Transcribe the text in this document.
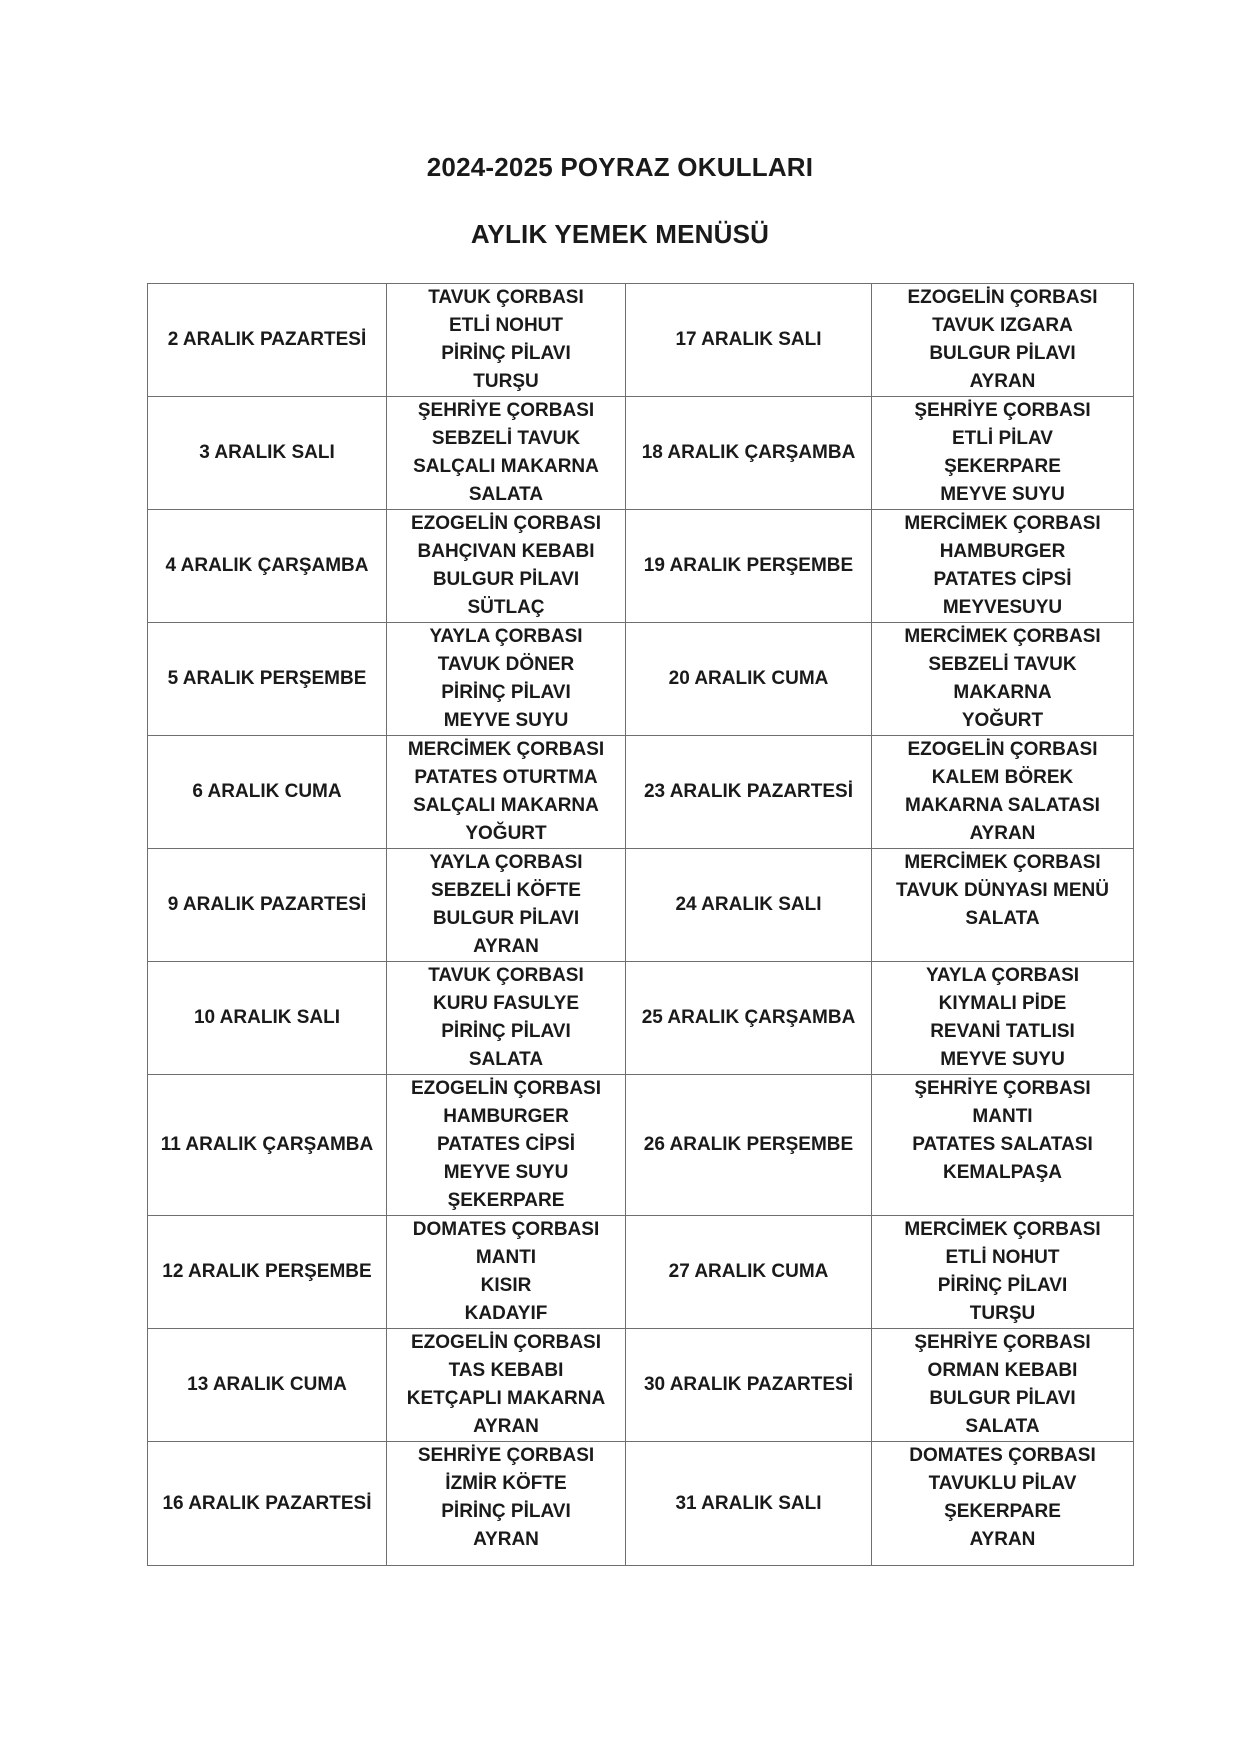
2024-2025 POYRAZ OKULLARI
AYLIK YEMEK MENÜSÜ
2 ARALIK PAZARTESİ	TAVUK ÇORBASI
ETLİ NOHUT
PİRİNÇ PİLAVI
TURŞU	17 ARALIK SALI	EZOGELİN ÇORBASI
TAVUK IZGARA
BULGUR PİLAVI
AYRAN

3 ARALIK SALI	ŞEHRİYE ÇORBASI
SEBZELİ TAVUK
SALÇALI MAKARNA
SALATA	18 ARALIK ÇARŞAMBA	ŞEHRİYE ÇORBASI
ETLİ PİLAV
ŞEKERPARE
MEYVE SUYU

4 ARALIK ÇARŞAMBA	EZOGELİN ÇORBASI
BAHÇIVAN KEBABI
BULGUR PİLAVI
SÜTLAÇ	19 ARALIK PERŞEMBE	MERCİMEK ÇORBASI
HAMBURGER
PATATES CİPSİ
MEYVESUYU

5 ARALIK PERŞEMBE	YAYLA ÇORBASI
TAVUK DÖNER
PİRİNÇ PİLAVI
MEYVE SUYU	20 ARALIK CUMA	MERCİMEK ÇORBASI
SEBZELİ TAVUK
MAKARNA
YOĞURT

6 ARALIK CUMA	MERCİMEK ÇORBASI
PATATES OTURTMA
SALÇALI MAKARNA
YOĞURT	23 ARALIK PAZARTESİ	EZOGELİN ÇORBASI
KALEM BÖREK
MAKARNA SALATASI
AYRAN

9 ARALIK PAZARTESİ	YAYLA ÇORBASI
SEBZELİ KÖFTE
BULGUR PİLAVI
AYRAN	24 ARALIK SALI	MERCİMEK ÇORBASI
TAVUK DÜNYASI MENÜ
SALATA

10 ARALIK SALI	TAVUK ÇORBASI
KURU FASULYE
PİRİNÇ PİLAVI
SALATA	25 ARALIK ÇARŞAMBA	YAYLA ÇORBASI
KIYMALI PİDE
REVANİ TATLISI
MEYVE SUYU

11 ARALIK ÇARŞAMBA	EZOGELİN ÇORBASI
HAMBURGER
PATATES CİPSİ
MEYVE SUYU
ŞEKERPARE	26 ARALIK PERŞEMBE	ŞEHRİYE ÇORBASI
MANTI
PATATES SALATASI
KEMALPAŞA

12 ARALIK PERŞEMBE	DOMATES ÇORBASI
MANTI
KISIR
KADAYIF	27 ARALIK CUMA	MERCİMEK ÇORBASI
ETLİ NOHUT
PİRİNÇ PİLAVI
TURŞU

13 ARALIK CUMA	EZOGELİN ÇORBASI
TAS KEBABI
KETÇAPLI MAKARNA
AYRAN	30 ARALIK PAZARTESİ	ŞEHRİYE ÇORBASI
ORMAN KEBABI
BULGUR PİLAVI
SALATA

16 ARALIK PAZARTESİ	SEHRİYE ÇORBASI
İZMİR KÖFTE
PİRİNÇ PİLAVI
AYRAN	31 ARALIK SALI	DOMATES ÇORBASI
TAVUKLU PİLAV
ŞEKERPARE
AYRAN
